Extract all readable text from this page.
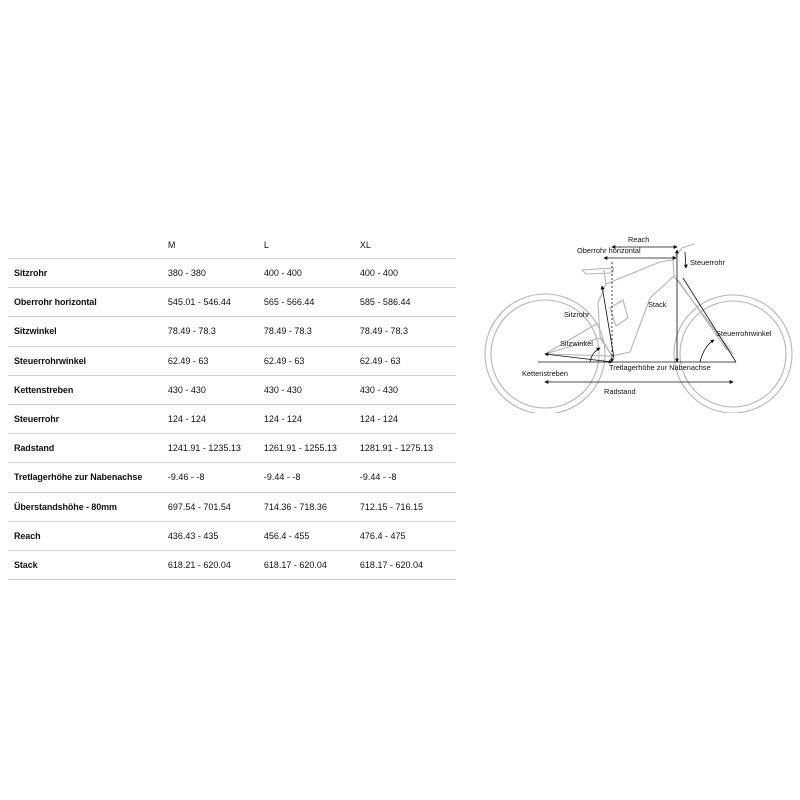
	M	L	XL
Sitzrohr	380 - 380	400 - 400	400 - 400
Oberrohr horizontal	545.01 - 546.44	565 - 566.44	585 - 586.44
Sitzwinkel	78.49 - 78.3	78.49 - 78.3	78.49 - 78.3
Steuerrohrwinkel	62.49 - 63	62.49 - 63	62.49 - 63
Kettenstreben	430 - 430	430 - 430	430 - 430
Steuerrohr	124 - 124	124 - 124	124 - 124
Radstand	1241.91 - 1235.13	1261.91 - 1255.13	1281.91 - 1275.13
Tretlagerhöhe zur Nabenachse	-9.46 - -8	-9.44 - -8	-9.44 - -8
Überstandshöhe - 80mm	697.54 - 701.54	714.36 - 718.36	712.15 - 716.15
Reach	436.43 - 435	456.4 - 455	476.4 - 475
Stack	618.21 - 620.04	618.17 - 620.04	618.17 - 620.04
Reach
Oberrohr horizontal
Steuerrohr
Stack
Sitzrohr
Steuerrohrwinkel
Sitzwinkel
Kettenstreben
Tretlagerhöhe zur Nabenachse
Radstand
